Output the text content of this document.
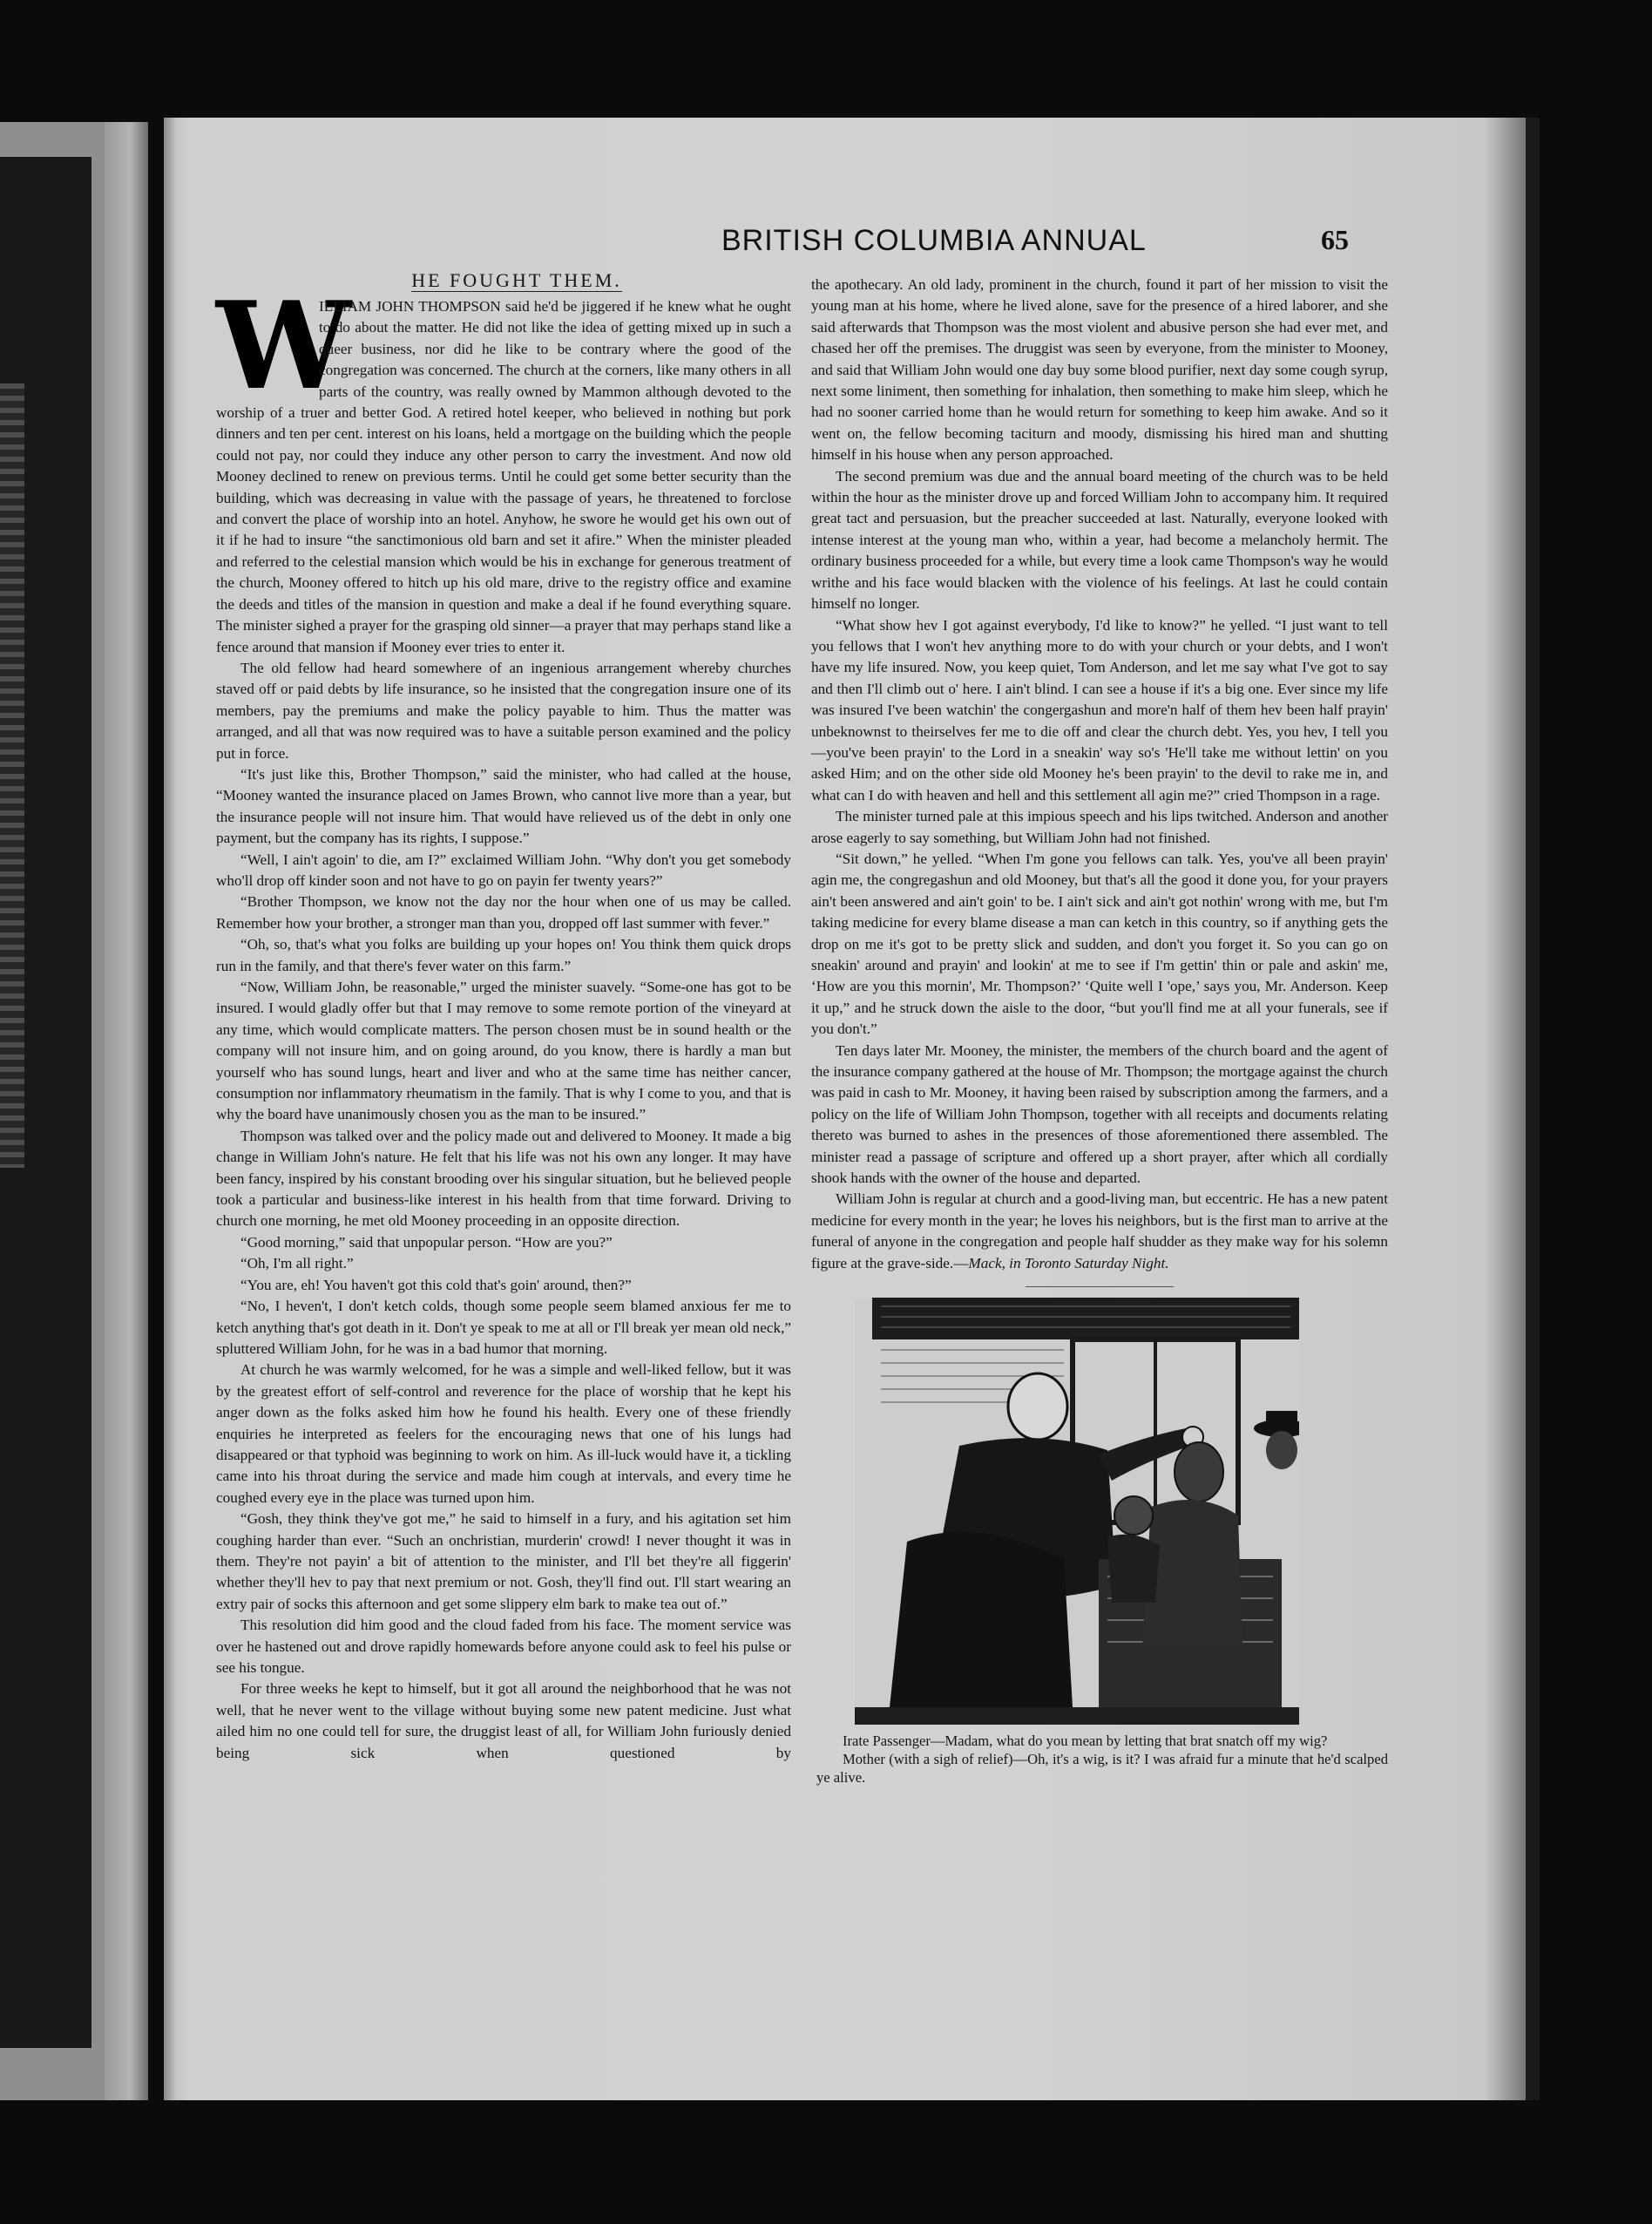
BRITISH COLUMBIA ANNUAL	65
HE FOUGHT THEM.
W

ILLIAM JOHN THOMPSON said he'd be jiggered if he knew what he ought to do about the matter. He did not like the idea of getting mixed up in such a queer business, nor did he like to be contrary where the good of the congregation was concerned. The church at the corners, like many others in all parts of the country, was really owned by Mammon although devoted to the worship of a truer and better God. A retired hotel keeper, who believed in nothing but pork dinners and ten per cent. interest on his loans, held a mortgage on the building which the people could not pay, nor could they induce any other person to carry the investment. And now old Mooney declined to renew on previous terms. Until he could get some better security than the building, which was decreasing in value with the passage of years, he threatened to forclose and convert the place of worship into an hotel. Anyhow, he swore he would get his own out of it if he had to insure “the sanctimonious old barn and set it afire.” When the minister pleaded and referred to the celestial mansion which would be his in exchange for generous treatment of the church, Mooney offered to hitch up his old mare, drive to the registry office and examine the deeds and titles of the mansion in question and make a deal if he found everything square. The minister sighed a prayer for the grasping old sinner—a prayer that may perhaps stand like a fence around that mansion if Mooney ever tries to enter it.

The old fellow had heard somewhere of an ingenious arrangement whereby churches staved off or paid debts by life insurance, so he insisted that the congregation insure one of its members, pay the premiums and make the policy payable to him. Thus the matter was arranged, and all that was now required was to have a suitable person examined and the policy put in force.

“It's just like this, Brother Thompson,” said the minister, who had called at the house, “Mooney wanted the insurance placed on James Brown, who cannot live more than a year, but the insurance people will not insure him. That would have relieved us of the debt in only one payment, but the company has its rights, I suppose.”

“Well, I ain't agoin' to die, am I?” exclaimed William John. “Why don't you get somebody who'll drop off kinder soon and not have to go on payin fer twenty years?”

“Brother Thompson, we know not the day nor the hour when one of us may be called. Remember how your brother, a stronger man than you, dropped off last summer with fever.”

“Oh, so, that's what you folks are building up your hopes on! You think them quick drops run in the family, and that there's fever water on this farm.”

“Now, William John, be reasonable,” urged the minister suavely. “Some-one has got to be insured. I would gladly offer but that I may remove to some remote portion of the vineyard at any time, which would complicate matters. The person chosen must be in sound health or the company will not insure him, and on going around, do you know, there is hardly a man but yourself who has sound lungs, heart and liver and who at the same time has neither cancer, consumption nor inflammatory rheumatism in the family. That is why I come to you, and that is why the board have unanimously chosen you as the man to be insured.”

Thompson was talked over and the policy made out and delivered to Mooney. It made a big change in William John's nature. He felt that his life was not his own any longer. It may have been fancy, inspired by his constant brooding over his singular situation, but he believed people took a particular and business-like interest in his health from that time forward. Driving to church one morning, he met old Mooney proceeding in an opposite direction.

“Good morning,” said that unpopular person. “How are you?”

“Oh, I'm all right.”

“You are, eh! You haven't got this cold that's goin' around, then?”

“No, I heven't, I don't ketch colds, though some people seem blamed anxious fer me to ketch anything that's got death in it. Don't ye speak to me at all or I'll break yer mean old neck,” spluttered William John, for he was in a bad humor that morning.

At church he was warmly welcomed, for he was a simple and well-liked fellow, but it was by the greatest effort of self-control and reverence for the place of worship that he kept his anger down as the folks asked him how he found his health. Every one of these friendly enquiries he interpreted as feelers for the encouraging news that one of his lungs had disappeared or that typhoid was beginning to work on him. As ill-luck would have it, a tickling came into his throat during the service and made him cough at intervals, and every time he coughed every eye in the place was turned upon him.

“Gosh, they think they've got me,” he said to himself in a fury, and his agitation set him coughing harder than ever. “Such an onchristian, murderin' crowd! I never thought it was in them. They're not payin' a bit of attention to the minister, and I'll bet they're all figgerin' whether they'll hev to pay that next premium or not. Gosh, they'll find out. I'll start wearing an extry pair of socks this afternoon and get some slippery elm bark to make tea out of.”

This resolution did him good and the cloud faded from his face. The moment service was over he hastened out and drove rapidly homewards before anyone could ask to feel his pulse or see his tongue.

For three weeks he kept to himself, but it got all around the neighborhood that he was not well, that he never went to the village without buying some new patent medicine. Just what ailed him no one could tell for sure, the druggist least of all, for William John furiously denied being sick when questioned by

the apothecary. An old lady, prominent in the church, found it part of her mission to visit the young man at his home, where he lived alone, save for the presence of a hired laborer, and she said afterwards that Thompson was the most violent and abusive person she had ever met, and chased her off the premises. The druggist was seen by everyone, from the minister to Mooney, and said that William John would one day buy some blood purifier, next day some cough syrup, next some liniment, then something for inhalation, then something to make him sleep, which he had no sooner carried home than he would return for something to keep him awake. And so it went on, the fellow becoming taciturn and moody, dismissing his hired man and shutting himself in his house when any person approached.

The second premium was due and the annual board meeting of the church was to be held within the hour as the minister drove up and forced William John to accompany him. It required great tact and persuasion, but the preacher succeeded at last. Naturally, everyone looked with intense interest at the young man who, within a year, had become a melancholy hermit. The ordinary business proceeded for a while, but every time a look came Thompson's way he would writhe and his face would blacken with the violence of his feelings. At last he could contain himself no longer.

“What show hev I got against everybody, I'd like to know?” he yelled. “I just want to tell you fellows that I won't hev anything more to do with your church or your debts, and I won't have my life insured. Now, you keep quiet, Tom Anderson, and let me say what I've got to say and then I'll climb out o' here. I ain't blind. I can see a house if it's a big one. Ever since my life was insured I've been watchin' the congergashun and more'n half of them hev been half prayin' unbeknownst to theirselves fer me to die off and clear the church debt. Yes, you hev, I tell you—you've been prayin' to the Lord in a sneakin' way so's 'He'll take me without lettin' on you asked Him; and on the other side old Mooney he's been prayin' to the devil to rake me in, and what can I do with heaven and hell and this settlement all agin me?” cried Thompson in a rage.

The minister turned pale at this impious speech and his lips twitched. Anderson and another arose eagerly to say something, but William John had not finished.

“Sit down,” he yelled. “When I'm gone you fellows can talk. Yes, you've all been prayin' agin me, the congregashun and old Mooney, but that's all the good it done you, for your prayers ain't been answered and ain't goin' to be. I ain't sick and ain't got nothin' wrong with me, but I'm taking medicine for every blame disease a man can ketch in this country, so if anything gets the drop on me it's got to be pretty slick and sudden, and don't you forget it. So you can go on sneakin' around and prayin' and lookin' at me to see if I'm gettin' thin or pale and askin' me, ‘How are you this mornin', Mr. Thompson?’ ‘Quite well I 'ope,’ says you, Mr. Anderson. Keep it up,” and he struck down the aisle to the door, “but you'll find me at all your funerals, see if you don't.”

Ten days later Mr. Mooney, the minister, the members of the church board and the agent of the insurance company gathered at the house of Mr. Thompson; the mortgage against the church was paid in cash to Mr. Mooney, it having been raised by subscription among the farmers, and a policy on the life of William John Thompson, together with all receipts and documents relating thereto was burned to ashes in the presences of those aforementioned there assembled. The minister read a passage of scripture and offered up a short prayer, after which all cordially shook hands with the owner of the house and departed.

William John is regular at church and a good-living man, but eccentric. He has a new patent medicine for every month in the year; he loves his neighbors, but is the first man to arrive at the funeral of anyone in the congregation and people half shudder as they make way for his solemn figure at the grave-side.—Mack, in Toronto Saturday Night.

Irate Passenger—Madam, what do you mean by letting that brat snatch off my wig?

Mother (with a sigh of relief)—Oh, it's a wig, is it? I was afraid fur a minute that he'd scalped ye alive.
